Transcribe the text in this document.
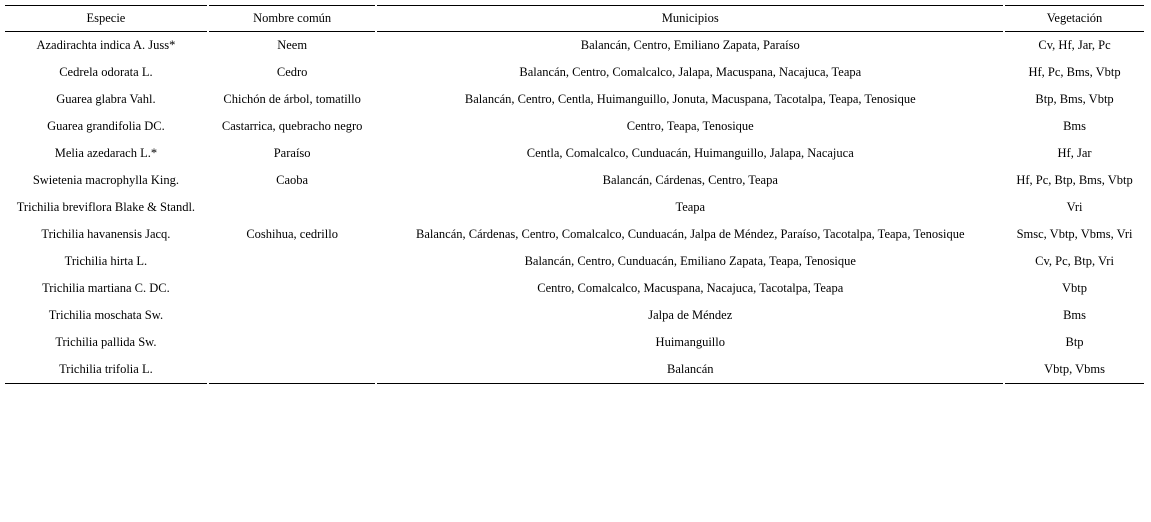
Especie	Nombre común	Municipios	Vegetación
Azadirachta indica A. Juss*	Neem	Balancán, Centro, Emiliano Zapata, Paraíso	Cv, Hf, Jar, Pc
Cedrela odorata L.	Cedro	Balancán, Centro, Comalcalco, Jalapa, Macuspana, Nacajuca, Teapa	Hf, Pc, Bms, Vbtp
Guarea glabra Vahl.	Chichón de árbol, tomatillo	Balancán, Centro, Centla, Huimanguillo, Jonuta, Macuspana, Tacotalpa, Teapa, Tenosique	Btp, Bms, Vbtp
Guarea grandifolia DC.	Castarrica, quebracho negro	Centro, Teapa, Tenosique	Bms
Melia azedarach L.*	Paraíso	Centla, Comalcalco, Cunduacán, Huimanguillo, Jalapa, Nacajuca	Hf, Jar
Swietenia macrophylla King.	Caoba	Balancán, Cárdenas, Centro, Teapa	Hf, Pc, Btp, Bms, Vbtp
Trichilia breviflora Blake & Standl.		Teapa	Vri
Trichilia havanensis Jacq.	Coshihua, cedrillo	Balancán, Cárdenas, Centro, Comalcalco, Cunduacán, Jalpa de Méndez, Paraíso, Tacotalpa, Teapa, Tenosique	Smsc, Vbtp, Vbms, Vri
Trichilia hirta L.		Balancán, Centro, Cunduacán, Emiliano Zapata, Teapa, Tenosique	Cv, Pc, Btp, Vri
Trichilia martiana C. DC.		Centro, Comalcalco, Macuspana, Nacajuca, Tacotalpa, Teapa	Vbtp
Trichilia moschata Sw.		Jalpa de Méndez	Bms
Trichilia pallida Sw.		Huimanguillo	Btp
Trichilia trifolia L.		Balancán	Vbtp, Vbms
